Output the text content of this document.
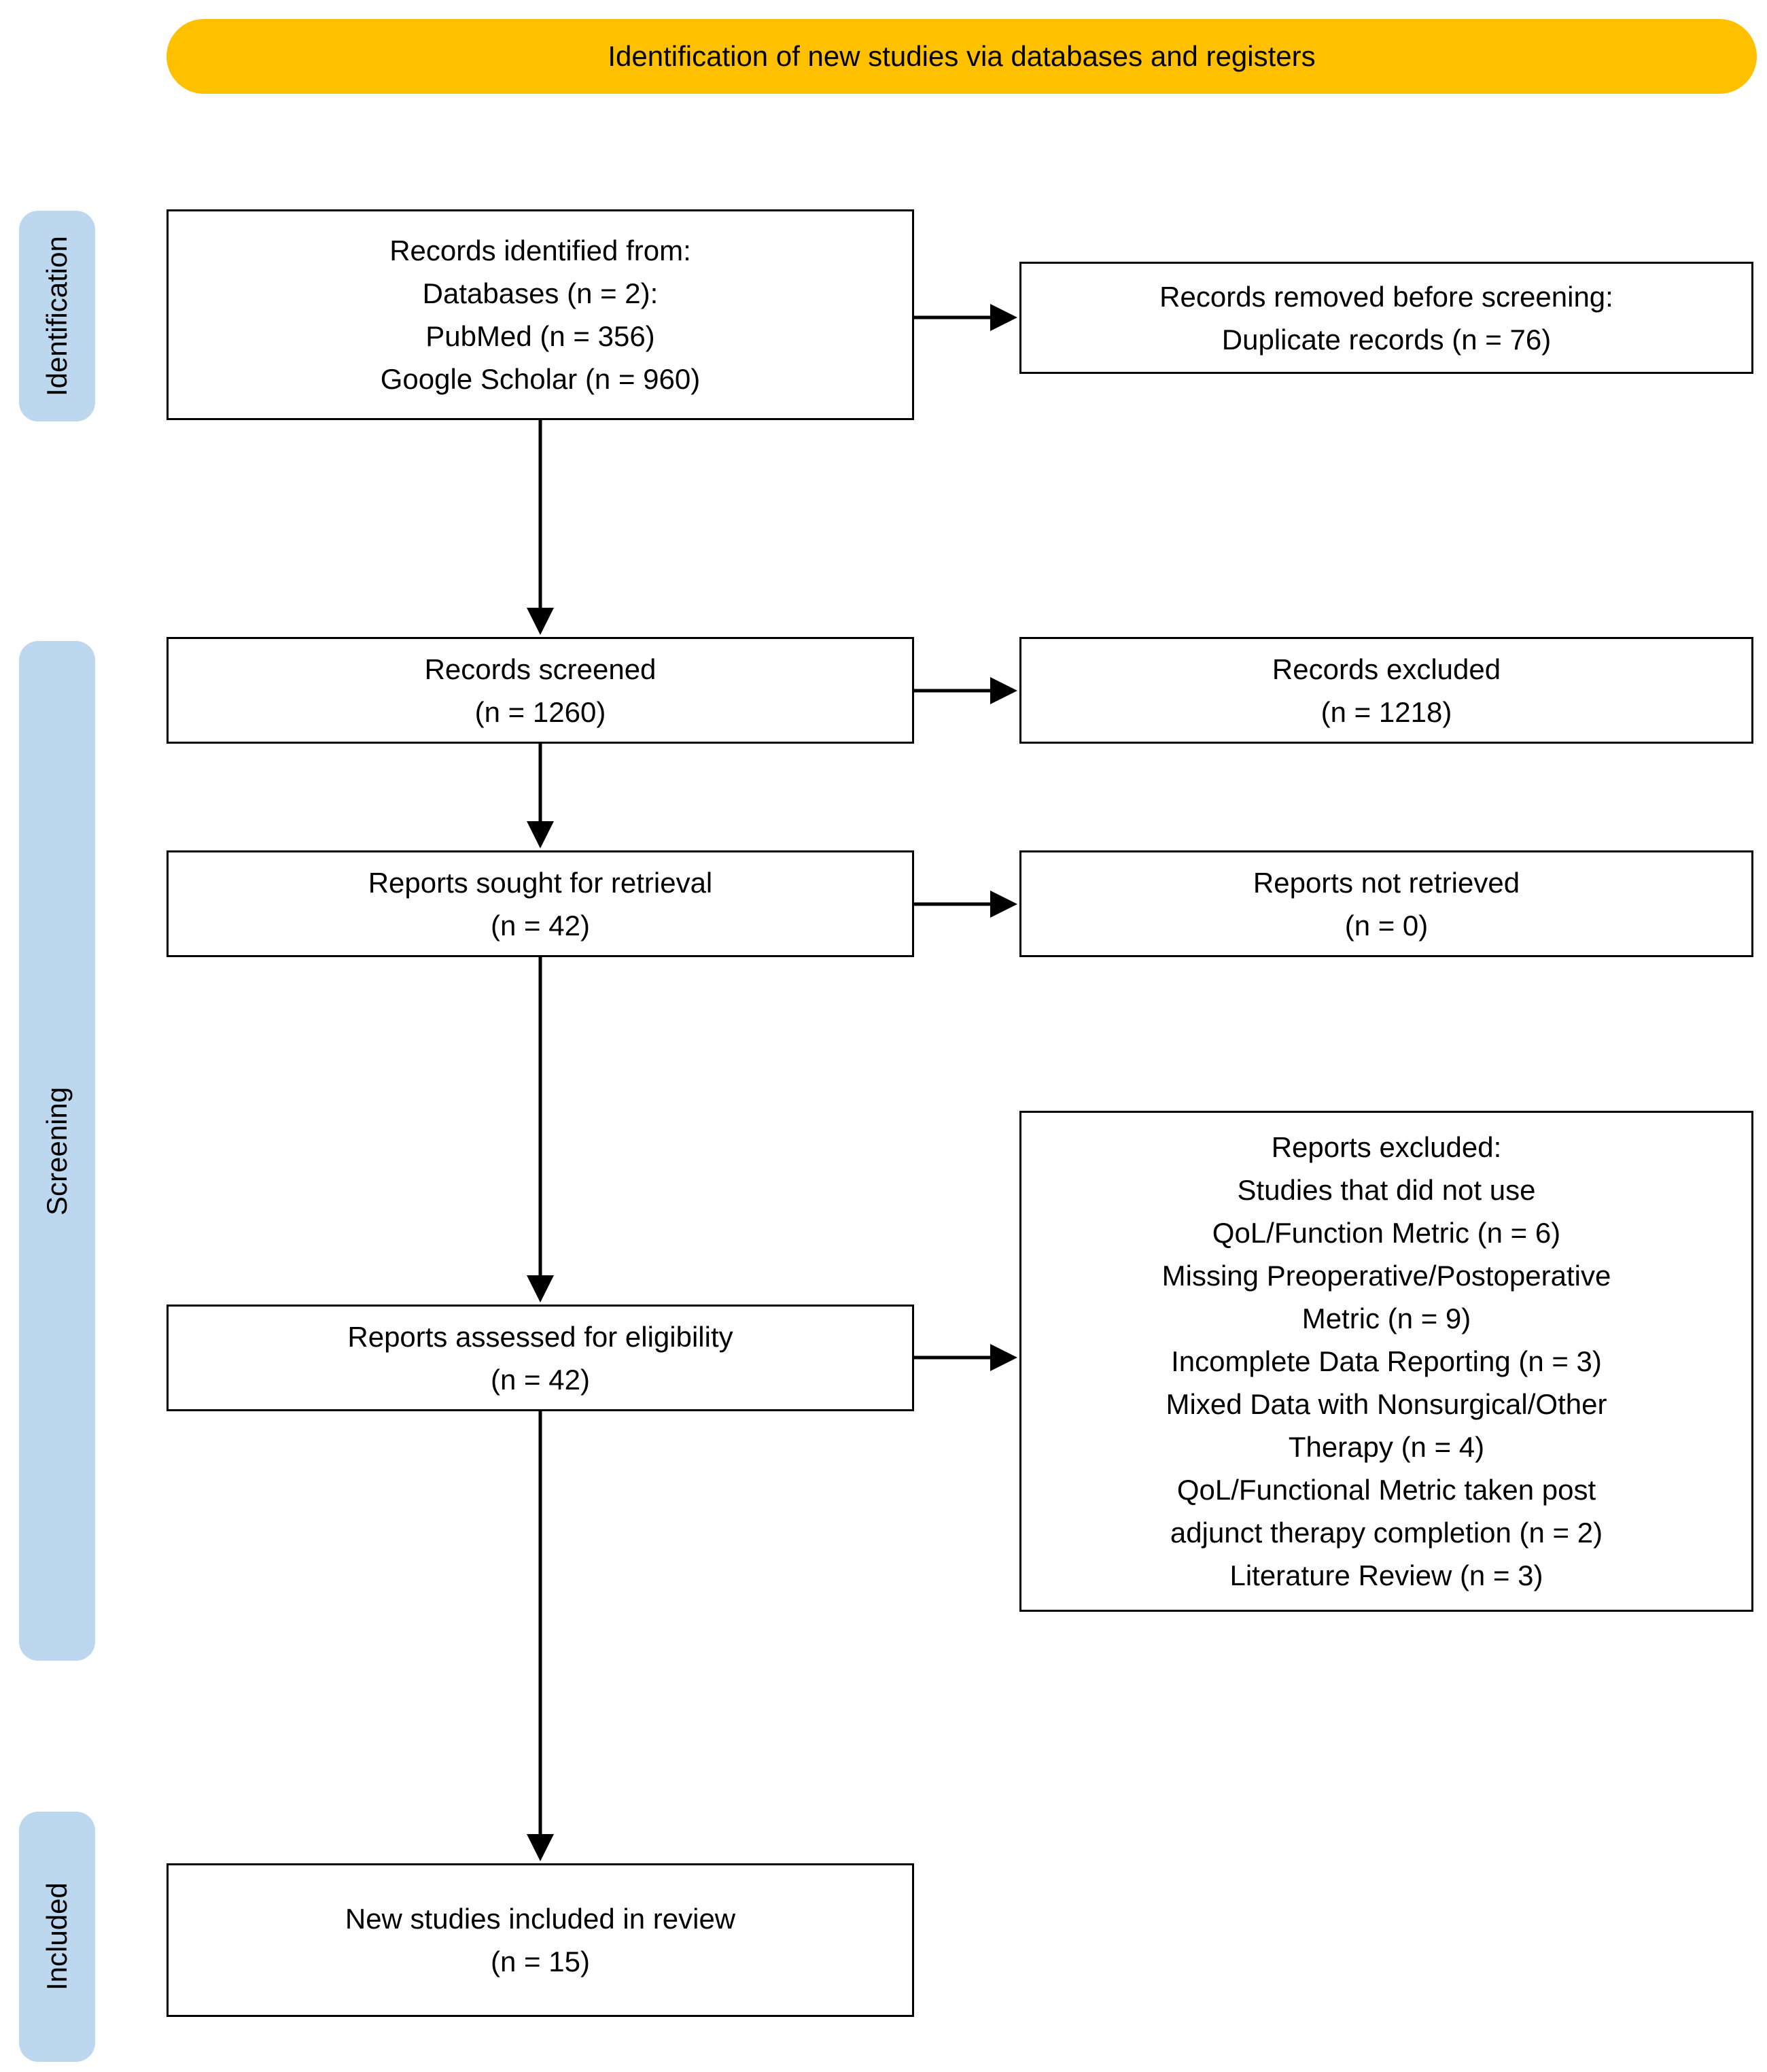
Identification of new studies via databases and registers
Identification
Screening
Included
Records identified from:
Databases (n = 2):
PubMed (n = 356)
Google Scholar (n = 960)
Records removed before screening:
Duplicate records (n = 76)
Records screened
(n = 1260)
Records excluded
(n = 1218)
Reports sought for retrieval
(n = 42)
Reports not retrieved
(n = 0)
Reports assessed for eligibility
(n = 42)
Reports excluded:
Studies that did not use
QoL/Function Metric (n = 6)
Missing Preoperative/Postoperative
Metric (n = 9)
Incomplete Data Reporting (n = 3)
Mixed Data with Nonsurgical/Other
Therapy (n = 4)
QoL/Functional Metric taken post
adjunct therapy completion (n = 2)
Literature Review (n = 3)
New studies included in review
(n = 15)
